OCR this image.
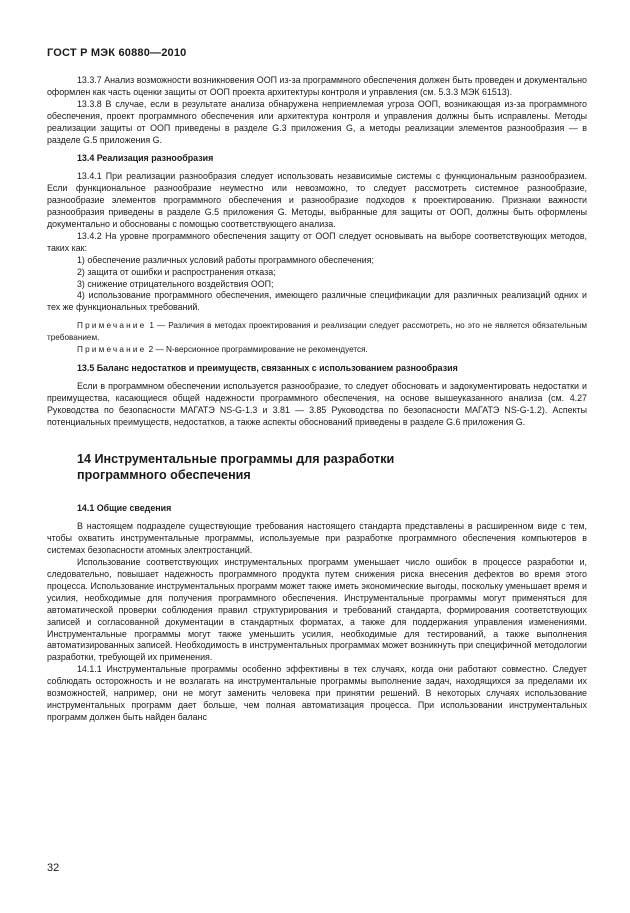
ГОСТ Р МЭК 60880—2010

13.3.7 Анализ возможности возникновения ООП из-за программного обеспечения должен быть проведен и документально оформлен как часть оценки защиты от ООП проекта архитектуры контроля и управления (см. 5.3.3 МЭК 61513).

13.3.8 В случае, если в результате анализа обнаружена неприемлемая угроза ООП, возникающая из-за программного обеспечения, проект программного обеспечения или архитектура контроля и управления должны быть исправлены. Методы реализации защиты от ООП приведены в разделе G.3 приложения G, а методы реализации элементов разнообразия — в разделе G.5 приложения G.

13.4 Реализация разнообразия

13.4.1 При реализации разнообразия следует использовать независимые системы с функциональным разнообразием. Если функциональное разнообразие неуместно или невозможно, то следует рассмотреть системное разнообразие, разнообразие элементов программного обеспечения и разнообразие подходов к проектированию. Признаки важности разнообразия приведены в разделе G.5 приложения G. Методы, выбранные для защиты от ООП, должны быть оформлены документально и обоснованы с помощью соответствующего анализа.

13.4.2 На уровне программного обеспечения защиту от ООП следует основывать на выборе соответствующих методов, таких как:

1) обеспечение различных условий работы программного обеспечения;

2) защита от ошибки и распространения отказа;

3) снижение отрицательного воздействия ООП;

4) использование программного обеспечения, имеющего различные спецификации для различных реализаций одних и тех же функциональных требований.

Примечание 1 — Различия в методах проектирования и реализации следует рассмотреть, но это не является обязательным требованием.

Примечание 2 — N-версионное программирование не рекомендуется.

13.5 Баланс недостатков и преимуществ, связанных с использованием разнообразия

Если в программном обеспечении используется разнообразие, то следует обосновать и задокументировать недостатки и преимущества, касающиеся общей надежности программного обеспечения, на основе вышеуказанного анализа (см. 4.27 Руководства по безопасности МАГАТЭ NS-G-1.3 и 3.81 — 3.85 Руководства по безопасности МАГАТЭ NS-G-1.2). Аспекты потенциальных преимуществ, недостатков, а также аспекты обоснований приведены в разделе G.6 приложения G.

14 Инструментальные программы для разработки
программного обеспечения

14.1 Общие сведения

В настоящем подразделе существующие требования настоящего стандарта представлены в расширенном виде с тем, чтобы охватить инструментальные программы, используемые при разработке программного обеспечения компьютеров в системах безопасности атомных электростанций.

Использование соответствующих инструментальных программ уменьшает число ошибок в процессе разработки и, следовательно, повышает надежность программного продукта путем снижения риска внесения дефектов во время этого процесса. Использование инструментальных программ может также иметь экономические выгоды, поскольку уменьшает время и усилия, необходимые для получения программного обеспечения. Инструментальные программы могут применяться для автоматической проверки соблюдения правил структурирования и требований стандарта, формирования соответствующих записей и согласованной документации в стандартных форматах, а также для поддержания управления изменениями. Инструментальные программы могут также уменьшить усилия, необходимые для тестирований, а также выполнения автоматизированных записей. Необходимость в инструментальных программах может возникнуть при специфичной методологии разработки, требующей их применения.

14.1.1 Инструментальные программы особенно эффективны в тех случаях, когда они работают совместно. Следует соблюдать осторожность и не возлагать на инструментальные программы выполнение задач, находящихся за пределами их возможностей, например, они не могут заменить человека при принятии решений. В некоторых случаях использование инструментальных программ дает больше, чем полная автоматизация процесса. При использовании инструментальных программ должен быть найден баланс

32
